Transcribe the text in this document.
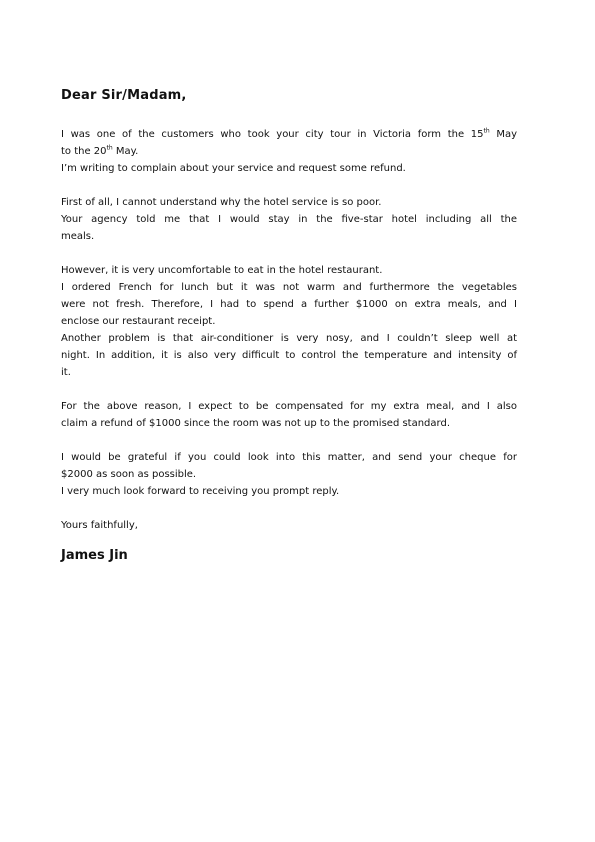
Dear Sir/Madam,

I was one of the customers who took your city tour in Victoria form the 15th May
to the 20th May.
I’m writing to complain about your service and request some refund.
First of all, I cannot understand why the hotel service is so poor.
Your agency told me that I would stay in the five-star hotel including all the
meals.
However, it is very uncomfortable to eat in the hotel restaurant.
I ordered French for lunch but it was not warm and furthermore the vegetables
were not fresh. Therefore, I had to spend a further $1000 on extra meals, and I
enclose our restaurant receipt.
Another problem is that air-conditioner is very nosy, and I couldn’t sleep well at
night. In addition, it is also very difficult to control the temperature and intensity of
it.
For the above reason, I expect to be compensated for my extra meal, and I also
claim a refund of $1000 since the room was not up to the promised standard.
I would be grateful if you could look into this matter, and send your cheque for
$2000 as soon as possible.
I very much look forward to receiving you prompt reply.

Yours faithfully,

James Jin
